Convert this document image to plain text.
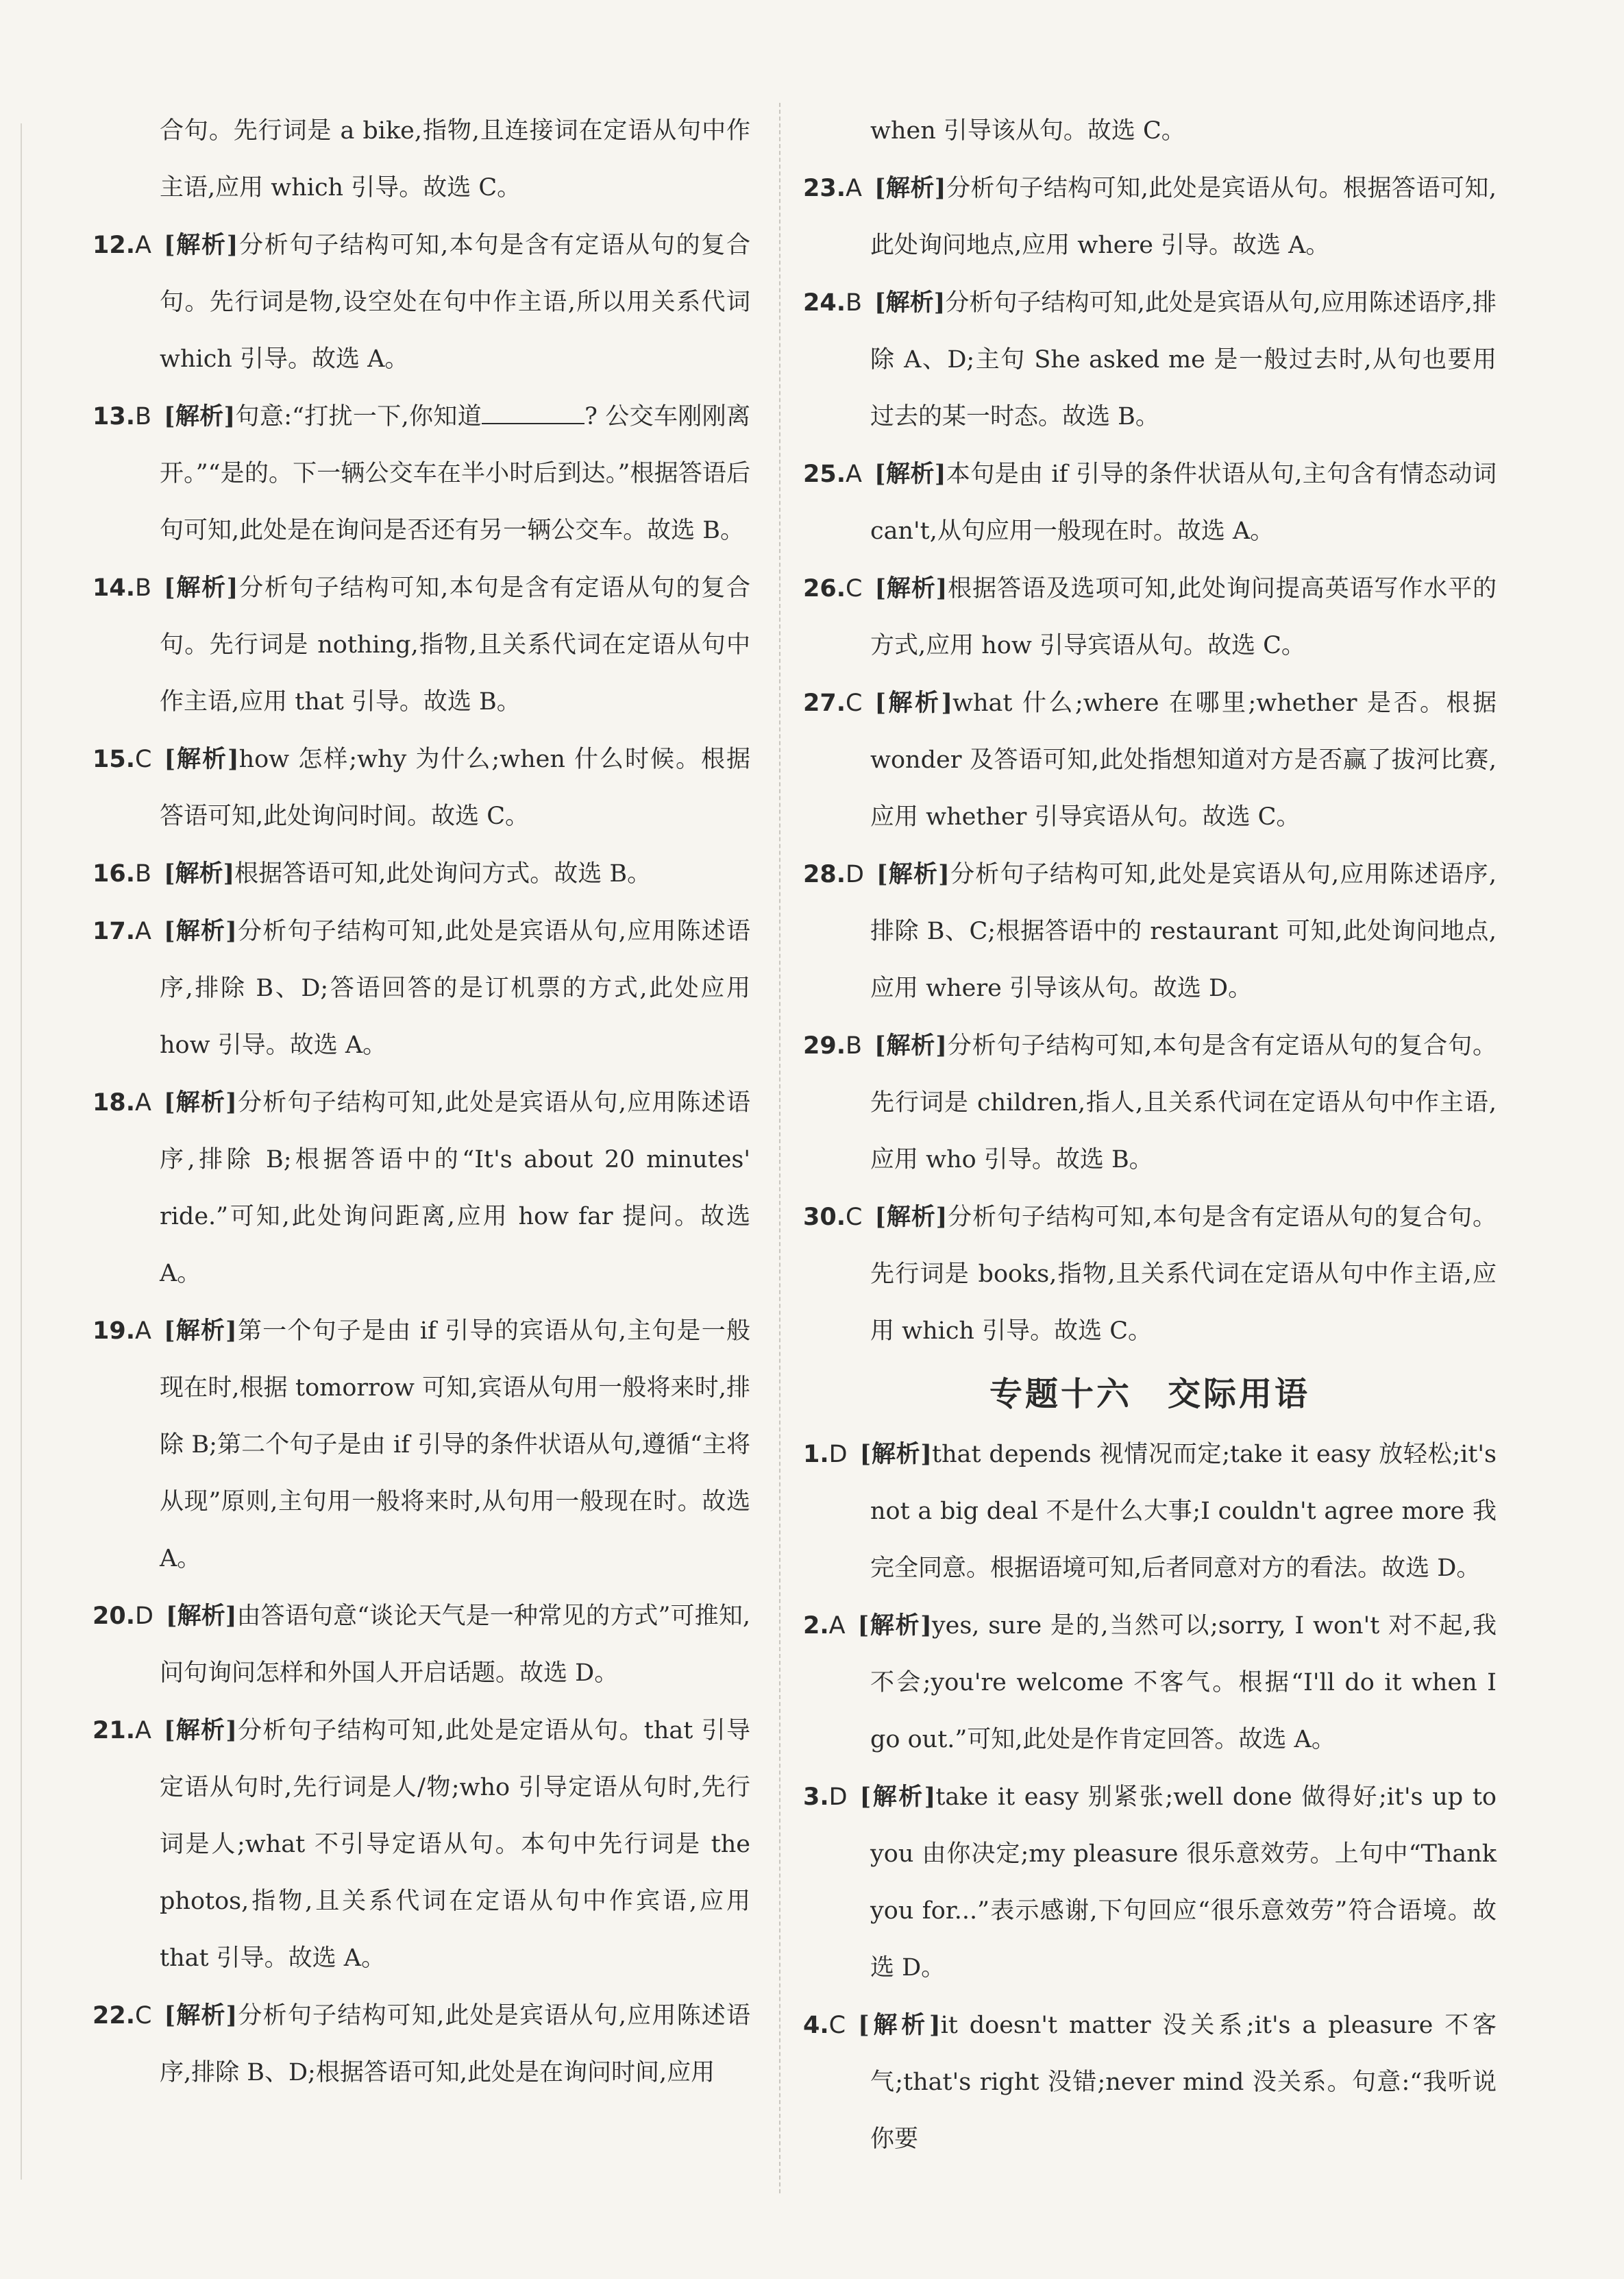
合句。先行词是 a bike,指物,且连接词在定语从句中作主语,应用 which 引导。故选 C。

12.A [解析]分析句子结构可知,本句是含有定语从句的复合句。先行词是物,设空处在句中作主语,所以用关系代词 which 引导。故选 A。

13.B [解析]句意:“打扰一下,你知道	? 公交车刚刚离开。”“是的。下一辆公交车在半小时后到达。”根据答语后句可知,此处是在询问是否还有另一辆公交车。故选 B。

14.B [解析]分析句子结构可知,本句是含有定语从句的复合句。先行词是 nothing,指物,且关系代词在定语从句中作主语,应用 that 引导。故选 B。

15.C [解析]how 怎样;why 为什么;when 什么时候。根据答语可知,此处询问时间。故选 C。

16.B [解析]根据答语可知,此处询问方式。故选 B。

17.A [解析]分析句子结构可知,此处是宾语从句,应用陈述语序,排除 B、D;答语回答的是订机票的方式,此处应用 how 引导。故选 A。

18.A [解析]分析句子结构可知,此处是宾语从句,应用陈述语序,排除 B;根据答语中的“It's about 20 minutes' ride.”可知,此处询问距离,应用 how far 提问。故选 A。

19.A [解析]第一个句子是由 if 引导的宾语从句,主句是一般现在时,根据 tomorrow 可知,宾语从句用一般将来时,排除 B;第二个句子是由 if 引导的条件状语从句,遵循“主将从现”原则,主句用一般将来时,从句用一般现在时。故选 A。

20.D [解析]由答语句意“谈论天气是一种常见的方式”可推知,问句询问怎样和外国人开启话题。故选 D。

21.A [解析]分析句子结构可知,此处是定语从句。that 引导定语从句时,先行词是人/物;who 引导定语从句时,先行词是人;what 不引导定语从句。本句中先行词是 the photos,指物,且关系代词在定语从句中作宾语,应用 that 引导。故选 A。

22.C [解析]分析句子结构可知,此处是宾语从句,应用陈述语序,排除 B、D;根据答语可知,此处是在询问时间,应用

when 引导该从句。故选 C。

23.A [解析]分析句子结构可知,此处是宾语从句。根据答语可知,此处询问地点,应用 where 引导。故选 A。

24.B [解析]分析句子结构可知,此处是宾语从句,应用陈述语序,排除 A、D;主句 She asked me 是一般过去时,从句也要用过去的某一时态。故选 B。

25.A [解析]本句是由 if 引导的条件状语从句,主句含有情态动词 can't,从句应用一般现在时。故选 A。

26.C [解析]根据答语及选项可知,此处询问提高英语写作水平的方式,应用 how 引导宾语从句。故选 C。

27.C [解析]what 什么;where 在哪里;whether 是否。根据 wonder 及答语可知,此处指想知道对方是否赢了拔河比赛,应用 whether 引导宾语从句。故选 C。

28.D [解析]分析句子结构可知,此处是宾语从句,应用陈述语序,排除 B、C;根据答语中的 restaurant 可知,此处询问地点,应用 where 引导该从句。故选 D。

29.B [解析]分析句子结构可知,本句是含有定语从句的复合句。先行词是 children,指人,且关系代词在定语从句中作主语,应用 who 引导。故选 B。

30.C [解析]分析句子结构可知,本句是含有定语从句的复合句。先行词是 books,指物,且关系代词在定语从句中作主语,应用 which 引导。故选 C。

专题十六　交际用语

1.D [解析]that depends 视情况而定;take it easy 放轻松;it's not a big deal 不是什么大事;I couldn't agree more 我完全同意。根据语境可知,后者同意对方的看法。故选 D。

2.A [解析]yes, sure 是的,当然可以;sorry, I won't 对不起,我不会;you're welcome 不客气。根据“I'll do it when I go out.”可知,此处是作肯定回答。故选 A。

3.D [解析]take it easy 别紧张;well done 做得好;it's up to you 由你决定;my pleasure 很乐意效劳。上句中“Thank you for...”表示感谢,下句回应“很乐意效劳”符合语境。故选 D。

4.C [解析]it doesn't matter 没关系;it's a pleasure 不客气;that's right 没错;never mind 没关系。句意:“我听说你要
